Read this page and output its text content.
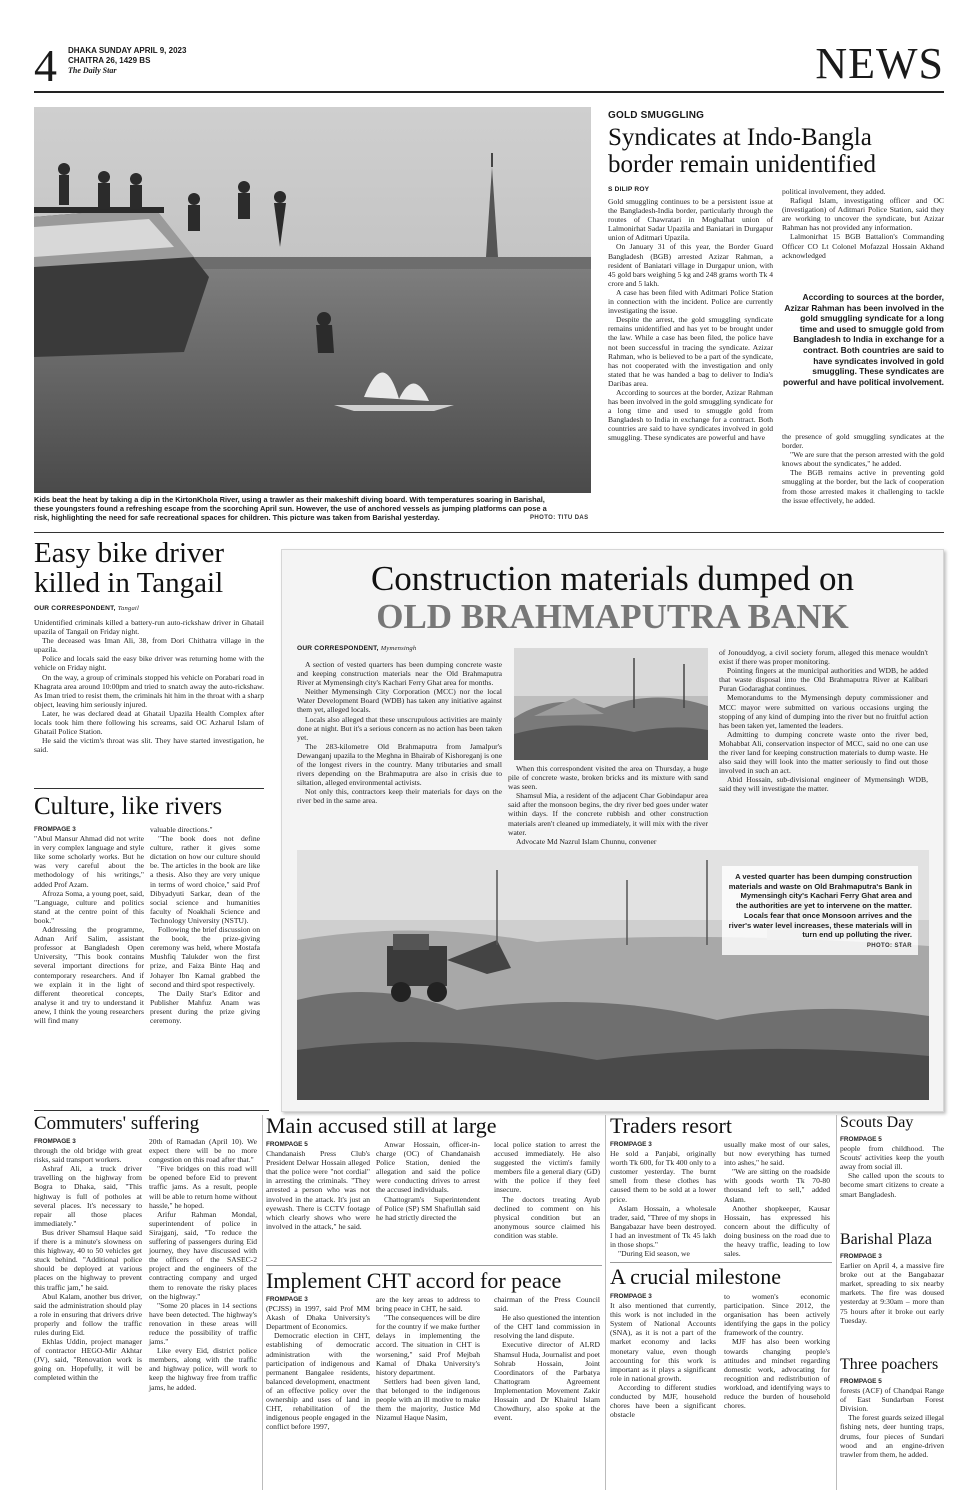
4 DHAKA SUNDAY APRIL 9, 2023
CHAITRA 26, 1429 BS
The Daily Star	NEWS
Kids beat the heat by taking a dip in the KirtonKhola River, using a trawler as their makeshift diving board. With temperatures soaring in Barishal, these youngsters found a refreshing escape from the scorching April sun. However, the use of anchored vessels as jumping platforms can pose a risk, highlighting the need for safe recreational spaces for children. This picture was taken from Barishal yesterday.	PHOTO: TITU DAS
GOLD SMUGGLING
Syndicates at Indo-Bangla
border remain unidentified
S DILIP ROY

Gold smuggling continues to be a persistent issue at the Bangladesh-India border, particularly through the routes of Chawratari in Moghalhat union of Lalmonirhat Sadar Upazila and Baniatari in Durgapur union of Aditmari Upazila.

On January 31 of this year, the Border Guard Bangladesh (BGB) arrested Azizar Rahman, a resident of Baniatari village in Durgapur union, with 45 gold bars weighing 5 kg and 248 grams worth Tk 4 crore and 5 lakh.

A case has been filed with Aditmari Police Station in connection with the incident. Police are currently investigating the issue.

Despite the arrest, the gold smuggling syndicate remains unidentified and has yet to be brought under the law. While a case has been filed, the police have not been successful in tracing the syndicate. Azizar Rahman, who is believed to be a part of the syndicate, has not cooperated with the investigation and only stated that he was handed a bag to deliver to India's Daribas area.

According to sources at the border, Azizar Rahman has been involved in the gold smuggling syndicate for a long time and used to smuggle gold from Bangladesh to India in exchange for a contract. Both countries are said to have syndicates involved in gold smuggling. These syndicates are powerful and have

political involvement, they added.

Rafiqul Islam, investigating officer and OC (investigation) of Aditmari Police Station, said they are working to uncover the syndicate, but Azizar Rahman has not provided any information.

Lalmonirhat 15 BGB Battalion's Commanding Officer CO Lt Colonel Mofazzal Hossain Akhand acknowledged

According to sources at the border, Azizar Rahman has been involved in the gold smuggling syndicate for a long time and used to smuggle gold from Bangladesh to India in exchange for a contract. Both countries are said to have syndicates involved in gold smuggling. These syndicates are powerful and have political involvement.

the presence of gold smuggling syndicates at the border.

"We are sure that the person arrested with the gold knows about the syndicates," he added.

The BGB remains active in preventing gold smuggling at the border, but the lack of cooperation from those arrested makes it challenging to tackle the issue effectively, he added.

Easy bike driver
killed in Tangail
OUR CORRESPONDENT, Tangail

Unidentified criminals killed a battery-run auto-rickshaw driver in Ghatail upazila of Tangail on Friday night.

The deceased was Iman Ali, 38, from Dori Chithatra village in the upazila.

Police and locals said the easy bike driver was returning home with the vehicle on Friday night.

On the way, a group of criminals stopped his vehicle on Porabari road in Khagrata area around 10:00pm and tried to snatch away the auto-rickshaw. As Iman tried to resist them, the criminals hit him in the throat with a sharp object, leaving him seriously injured.

Later, he was declared dead at Ghatail Upazila Health Complex after locals took him there following his screams, said OC Azharul Islam of Ghatail Police Station.

He said the victim's throat was slit. They have started investigation, he said.

Construction materials dumped on
OLD BRAHMAPUTRA BANK
OUR CORRESPONDENT, Mymensingh

A section of vested quarters has been dumping concrete waste and keeping construction materials near the Old Brahmaputra River at Mymensingh city's Kachari Ferry Ghat area for months.

Neither Mymensingh City Corporation (MCC) nor the local Water Development Board (WDB) has taken any initiative against them yet, alleged locals.

Locals also alleged that these unscrupulous activities are mainly done at night. But it's a serious concern as no action has been taken yet.

The 283-kilometre Old Brahmaputra from Jamalpur's Dewanganj upazila to the Meghna in Bhairab of Kishoreganj is one of the longest rivers in the country. Many tributaries and small rivers depending on the Brahmaputra are also in crisis due to siltation, alleged environmental activists.

Not only this, contractors keep their materials for days on the river bed in the same area.

When this correspondent visited the area on Thursday, a huge pile of concrete waste, broken bricks and its mixture with sand was seen.

Shamsul Mia, a resident of the adjacent Char Gobindapur area said after the monsoon begins, the dry river bed goes under water within days. If the concrete rubbish and other construction materials aren't cleaned up immediately, it will mix with the river water.

Advocate Md Nazrul Islam Chunnu, convener

of Jonouddyog, a civil society forum, alleged this menace wouldn't exist if there was proper monitoring.

Pointing fingers at the municipal authorities and WDB, he added that waste disposal into the Old Brahmaputra River at Kalibari Puran Godaraghat continues.

Memorandums to the Mymensingh deputy commissioner and MCC mayor were submitted on various occasions urging the stopping of any kind of dumping into the river but no fruitful action has been taken yet, lamented the leaders.

Admitting to dumping concrete waste onto the river bed, Mohabbat Ali, conservation inspector of MCC, said no one can use the river land for keeping construction materials to dump waste. He also said they will look into the matter seriously to find out those involved in such an act.

Abid Hossain, sub-divisional engineer of Mymensingh WDB, said they will investigate the matter.

A vested quarter has been dumping construction materials and waste on Old Brahmaputra's Bank in Mymensingh city's Kachari Ferry Ghat area and the authorities are yet to intervene on the matter. Locals fear that once Monsoon arrives and the river's water level increases, these materials will in turn end up polluting the river.
PHOTO: STAR
Culture, like rivers
FROMPAGE 3

"Abul Mansur Ahmad did not write in very complex language and style like some scholarly works. But he was very careful about the methodology of his writings," added Prof Azam.

Afroza Soma, a young poet, said, "Language, culture and politics stand at the centre point of this book."

Addressing the programme, Adnan Arif Salim, assistant professor at Bangladesh Open University, "This book contains several important directions for contemporary researchers. And if we explain it in the light of different theoretical concepts, analyse it and try to understand it anew, I think the young researchers will find many

valuable directions."

"The book does not define culture, rather it gives some dictation on how our culture should be. The articles in the book are like a thesis. Also they are very unique in terms of word choice," said Prof Dibyadyuti Sarkar, dean of the social science and humanities faculty of Noakhali Science and Technology University (NSTU).

Following the brief discussion on the book, the prize-giving ceremony was held, where Mostafa Mushfiq Talukder won the first prize, and Faiza Binte Haq and Johayer Ibn Kamal grabbed the second and third spot respectively.

The Daily Star's Editor and Publisher Mahfuz Anam was present during the prize giving ceremony.

Commuters' suffering
FROMPAGE 3

through the old bridge with great risks, said transport workers.

Ashraf Ali, a truck driver travelling on the highway from Bogra to Dhaka, said, "This highway is full of potholes at several places. It's necessary to repair all those places immediately."

Bus driver Shamsul Haque said if there is a minute's slowness on this highway, 40 to 50 vehicles get stuck behind. "Additional police should be deployed at various places on the highway to prevent this traffic jam," he said.

Abul Kalam, another bus driver, said the administration should play a role in ensuring that drivers drive properly and follow the traffic rules during Eid.

Ekhlas Uddin, project manager of contractor HEGO-Mir Akhtar (JV), said, "Renovation work is going on. Hopefully, it will be completed within the

20th of Ramadan (April 10). We expect there will be no more congestion on this road after that."

"Five bridges on this road will be opened before Eid to prevent traffic jams. As a result, people will be able to return home without hassle," he hoped.

Arifur Rahman Mondal, superintendent of police in Sirajganj, said, "To reduce the suffering of passengers during Eid journey, they have discussed with the officers of the SASEC-2 project and the engineers of the contracting company and urged them to renovate the risky places on the highway."

"Some 20 places in 14 sections have been detected. The highway's renovation in these areas will reduce the possibility of traffic jams."

Like every Eid, district police members, along with the traffic and highway police, will work to keep the highway free from traffic jams, he added.

Main accused still at large
FROMPAGE 5

Chandanaish Press Club's President Delwar Hossain alleged that the police were "not cordial" in arresting the criminals. "They arrested a person who was not involved in the attack. It's just an eyewash. There is CCTV footage which clearly shows who were involved in the attack," he said.

Anwar Hossain, officer-in-charge (OC) of Chandanaish Police Station, denied the allegation and said the police were conducting drives to arrest the accused individuals.

Chattogram's Superintendent of Police (SP) SM Shafiullah said he had strictly directed the

local police station to arrest the accused immediately. He also suggested the victim's family members file a general diary (GD) with the police if they feel insecure.

The doctors treating Ayub declined to comment on his physical condition but an anonymous source claimed his condition was stable.

Implement CHT accord for peace
FROMPAGE 3

(PCJSS) in 1997, said Prof MM Akash of Dhaka University's Department of Economics.

Democratic election in CHT, establishing of democratic administration with the participation of indigenous and permanent Bangalee residents, balanced development, enactment of an effective policy over the ownership and uses of land in CHT, rehabilitation of the indigenous people engaged in the conflict before 1997,

are the key areas to address to bring peace in CHT, he said.

"The consequences will be dire for the country if we make further delays in implementing the accord. The situation in CHT is worsening," said Prof Mejbah Kamal of Dhaka University's history department.

Settlers had been given land, that belonged to the indigenous people with an ill motive to make them the majority, Justice Md Nizamul Haque Nasim,

chairman of the Press Council said.

He also questioned the intention of the CHT land commission in resolving the land dispute.

Executive director of ALRD Shamsul Huda, Journalist and poet Sohrab Hossain, Joint Coordinators of the Parbatya Chattogram Agreement Implementation Movement Zakir Hossain and Dr Khairul Islam Chowdhury, also spoke at the event.

Traders resort
FROMPAGE 3

He sold a Panjabi, originally worth Tk 600, for Tk 400 only to a customer yesterday. The burnt smell from these clothes has caused them to be sold at a lower price.

Aslam Hossain, a wholesale trader, said, "Three of my shops in Bangabazar have been destroyed. I had an investment of Tk 45 lakh in those shops."

"During Eid season, we

usually make most of our sales, but now everything has turned into ashes," he said.

"We are sitting on the roadside with goods worth Tk 70-80 thousand left to sell," added Aslam.

Another shopkeeper, Kausar Hossain, has expressed his concern about the difficulty of doing business on the road due to the heavy traffic, leading to low sales.

A crucial milestone
FROMPAGE 3

It also mentioned that currently, this work is not included in the System of National Accounts (SNA), as it is not a part of the market economy and lacks monetary value, even though accounting for this work is important as it plays a significant role in national growth.

According to different studies conducted by MJF, household chores have been a significant obstacle

to women's economic participation. Since 2012, the organisation has been actively identifying the gaps in the policy framework of the country.

MJF has also been working towards changing people's attitudes and mindset regarding domestic work, advocating for recognition and redistribution of workload, and identifying ways to reduce the burden of household chores.

Scouts Day
FROMPAGE 5

people from childhood. The Scouts' activities keep the youth away from social ill.

She called upon the scouts to become smart citizens to create a smart Bangladesh.

Barishal Plaza
FROMPAGE 3

Earlier on April 4, a massive fire broke out at the Bangabazar market, spreading to six nearby markets. The fire was doused yesterday at 9:30am – more than 75 hours after it broke out early Tuesday.

Three poachers
FROMPAGE 5

forests (ACF) of Chandpai Range of East Sundarban Forest Division.

The forest guards seized illegal fishing nets, deer hunting traps, drums, four pieces of Sundari wood and an engine-driven trawler from them, he added.
